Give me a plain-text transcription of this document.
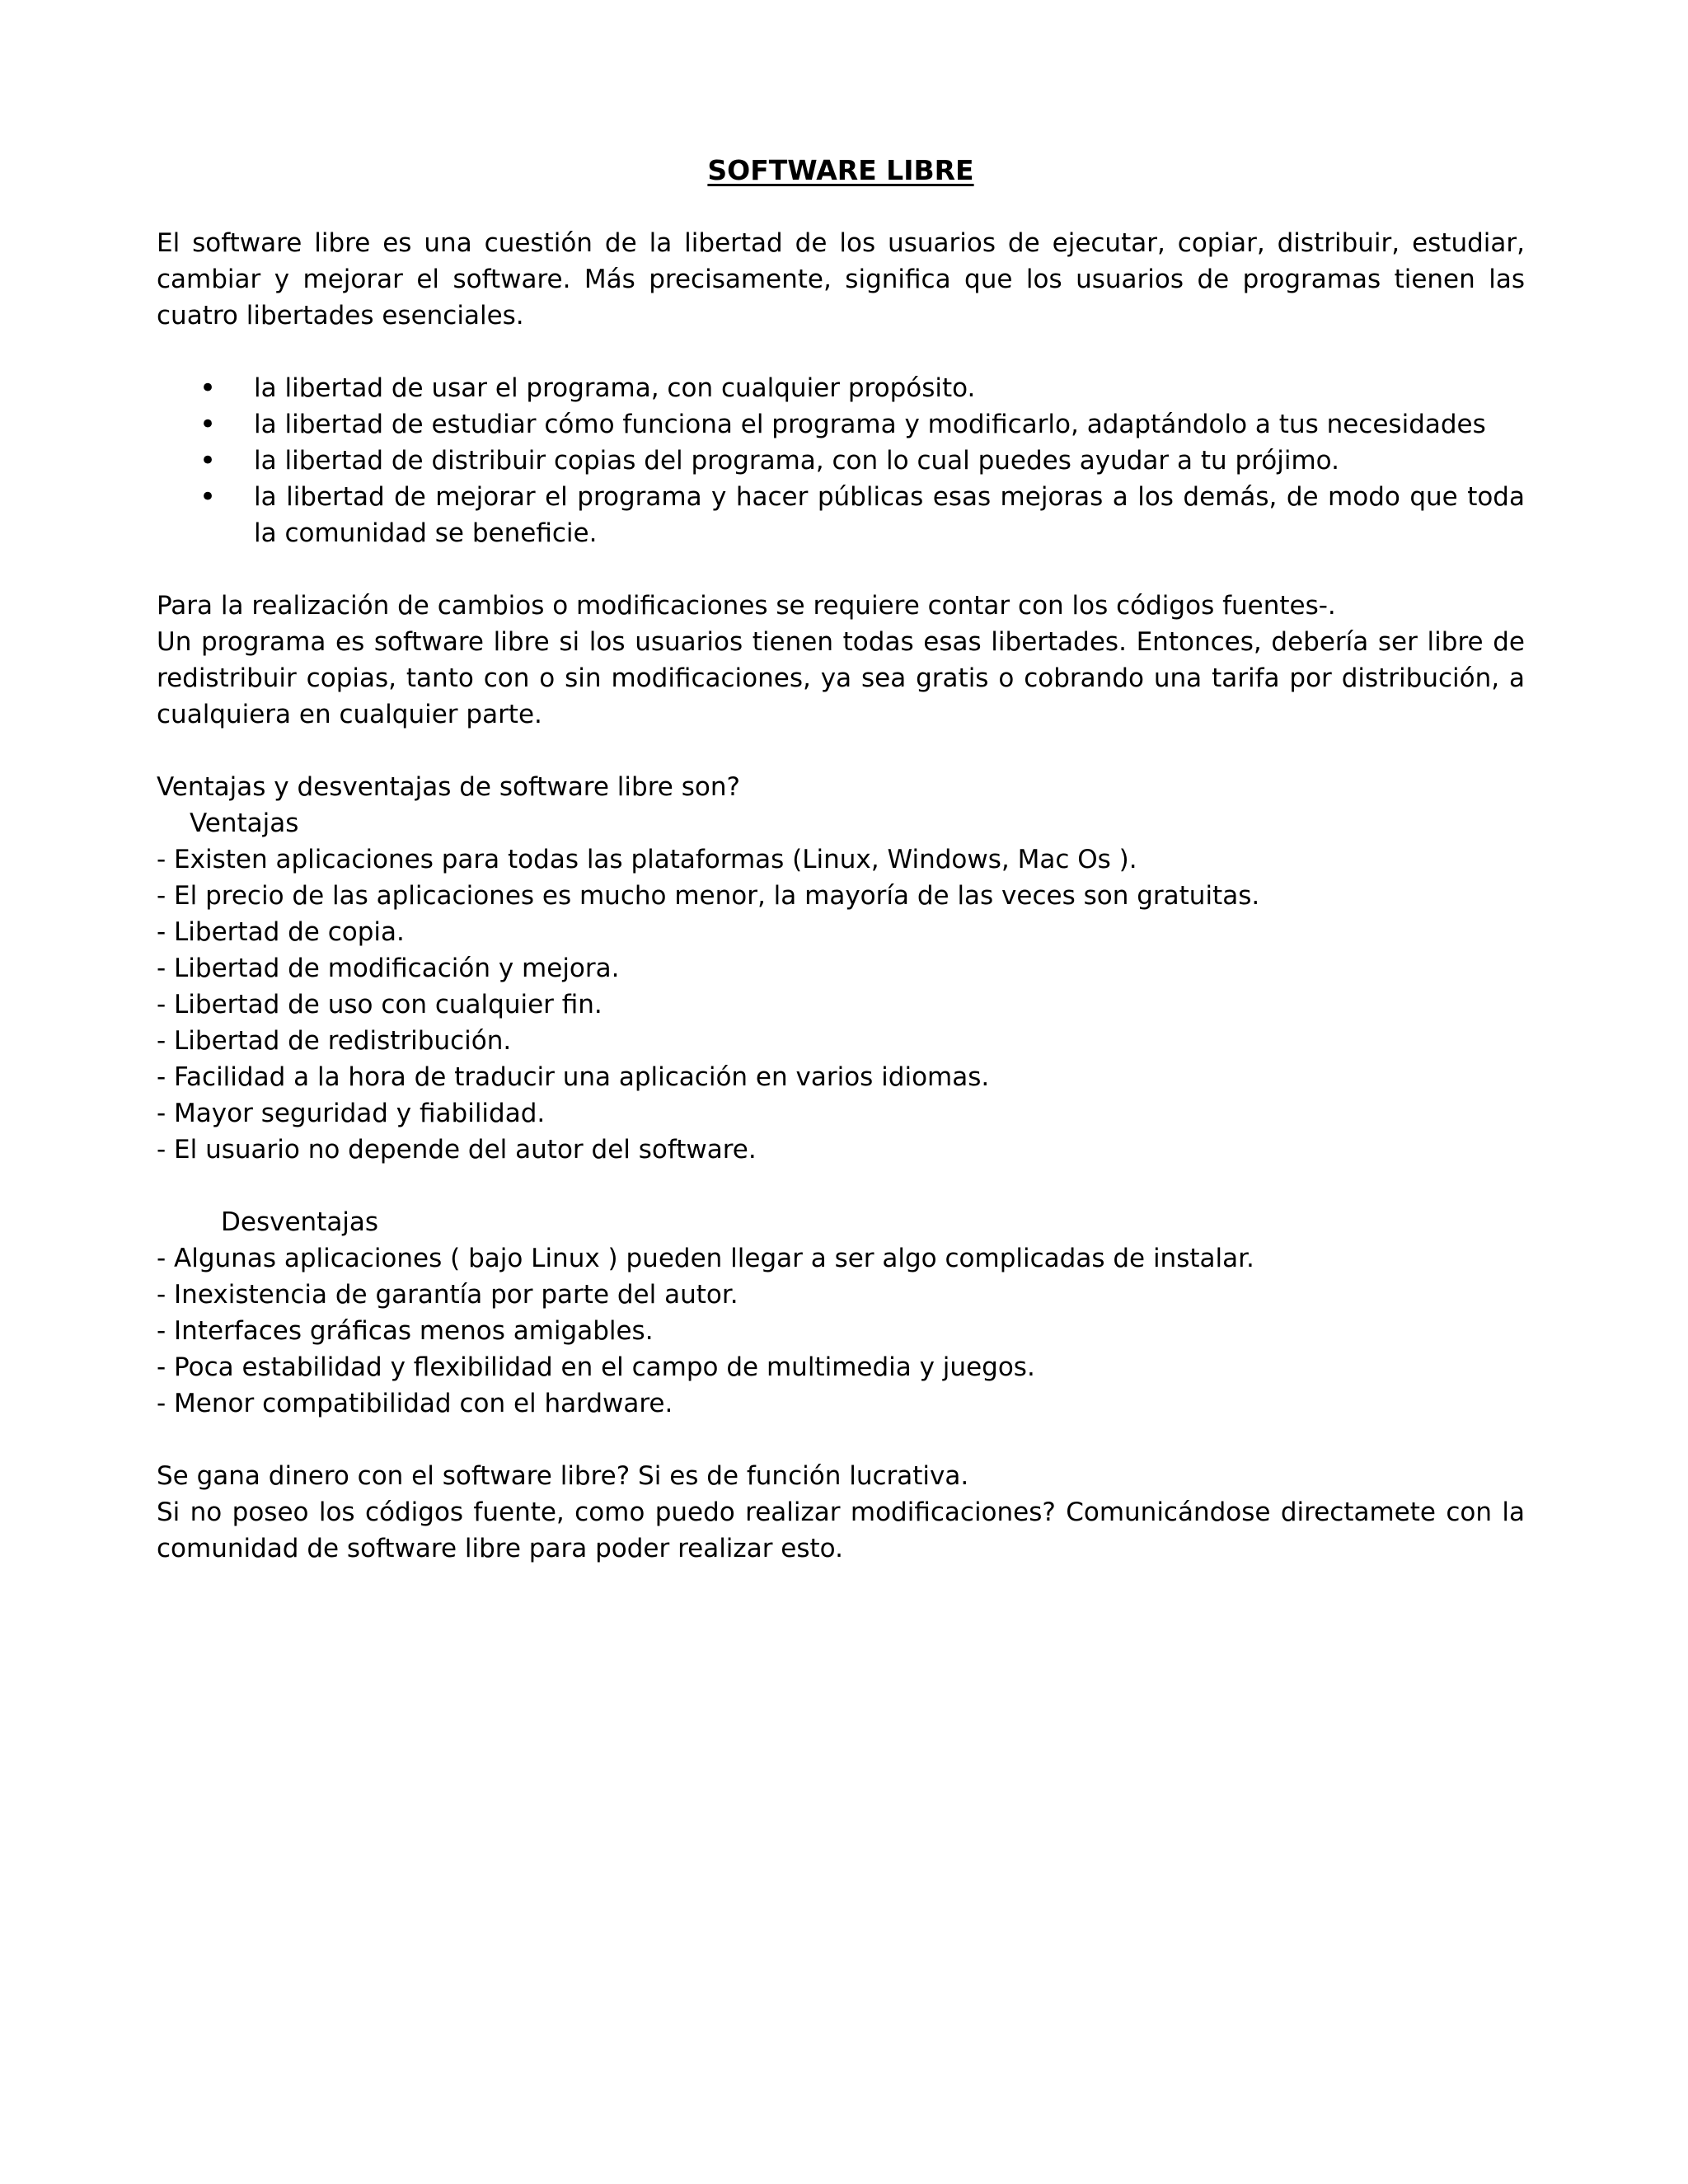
SOFTWARE LIBRE

El software libre es una cuestión de la libertad de los usuarios de ejecutar, copiar, distribuir, estudiar, cambiar y mejorar el software. Más precisamente, significa que los usuarios de programas tienen las cuatro libertades esenciales.

• la libertad de usar el programa, con cualquier propósito.
• la libertad de estudiar cómo funciona el programa y modificarlo, adaptándolo a tus necesidades
• la libertad de distribuir copias del programa, con lo cual puedes ayudar a tu prójimo.
• la libertad de mejorar el programa y hacer públicas esas mejoras a los demás, de modo que toda la comunidad se beneficie.

Para la realización de cambios o modificaciones se requiere contar con los códigos fuentes-.

Un programa es software libre si los usuarios tienen todas esas libertades. Entonces, debería ser libre de redistribuir copias, tanto con o sin modificaciones, ya sea gratis o cobrando una tarifa por distribución, a cualquiera en cualquier parte.

Ventajas y desventajas de software libre son?

Ventajas

- Existen aplicaciones para todas las plataformas (Linux, Windows, Mac Os ).

- El precio de las aplicaciones es mucho menor, la mayoría de las veces son gratuitas.

- Libertad de copia.

- Libertad de modificación y mejora.

- Libertad de uso con cualquier fin.

- Libertad de redistribución.

- Facilidad a la hora de traducir una aplicación en varios idiomas.

- Mayor seguridad y fiabilidad.

- El usuario no depende del autor del software.

Desventajas

- Algunas aplicaciones ( bajo Linux ) pueden llegar a ser algo complicadas de instalar.

- Inexistencia de garantía por parte del autor.

- Interfaces gráficas menos amigables.

- Poca estabilidad y flexibilidad en el campo de multimedia y juegos.

- Menor compatibilidad con el hardware.

Se gana dinero con el software libre? Si es de función lucrativa.

Si no poseo los códigos fuente, como puedo realizar modificaciones? Comunicándose directamete con la comunidad de software libre para poder realizar esto.
